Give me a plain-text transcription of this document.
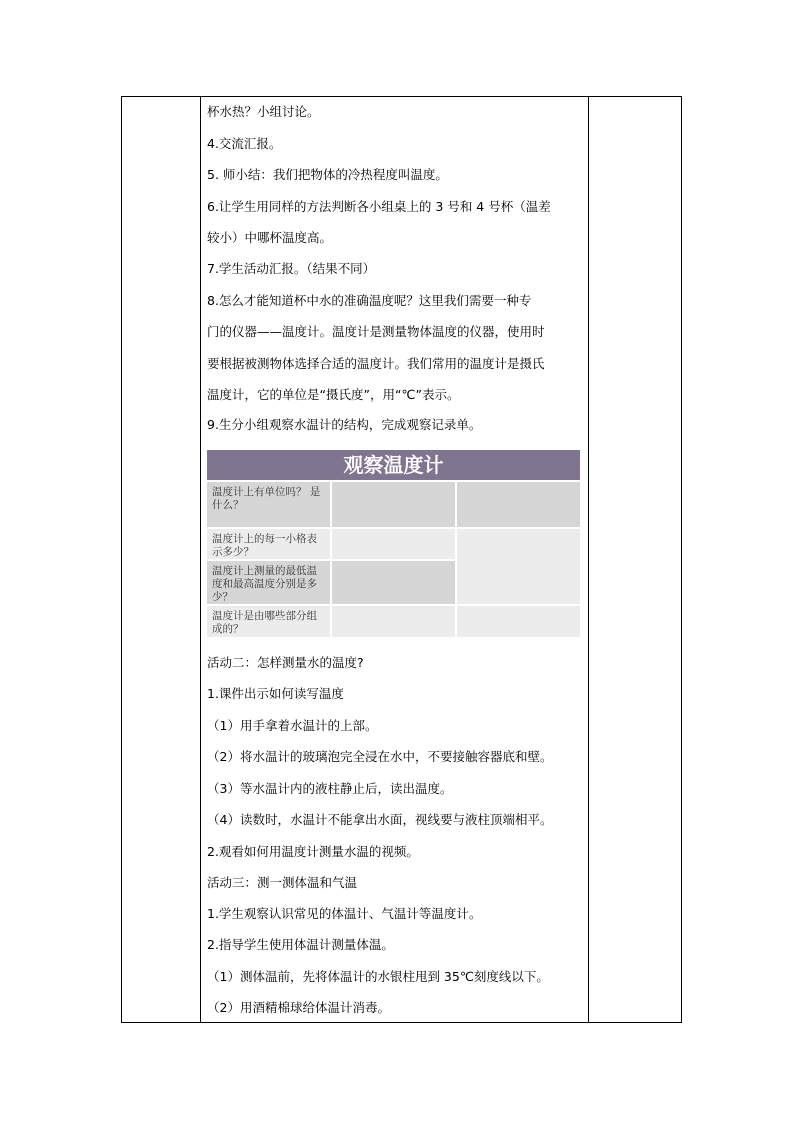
杯水热？小组讨论。
4.交流汇报。
5. 师小结：我们把物体的冷热程度叫温度。
6.让学生用同样的方法判断各小组桌上的 3 号和 4 号杯（温差
较小）中哪杯温度高。
7.学生活动汇报。（结果不同）
8.怎么才能知道杯中水的准确温度呢？这里我们需要一种专
门的仪器——温度计。温度计是测量物体温度的仪器，使用时
要根据被测物体选择合适的温度计。我们常用的温度计是摄氏
温度计，它的单位是“摄氏度”，用“℃”表示。
9.生分小组观察水温计的结构，完成观察记录单。
观察温度计
温度计上有单位吗？ 是什么？
温度计上的每一小格表示多少？
温度计上测量的最低温度和最高温度分别是多少？
温度计是由哪些部分组成的？
活动二：怎样测量水的温度?
1.课件出示如何读写温度
（1）用手拿着水温计的上部。
（2）将水温计的玻璃泡完全浸在水中，不要接触容器底和壁。
（3）等水温计内的液柱静止后，读出温度。
（4）读数时，水温计不能拿出水面，视线要与液柱顶端相平。
2.观看如何用温度计测量水温的视频。
活动三：测一测体温和气温
1.学生观察认识常见的体温计、气温计等温度计。
2.指导学生使用体温计测量体温。
（1）测体温前，先将体温计的水银柱甩到 35℃刻度线以下。
（2）用酒精棉球给体温计消毒。
